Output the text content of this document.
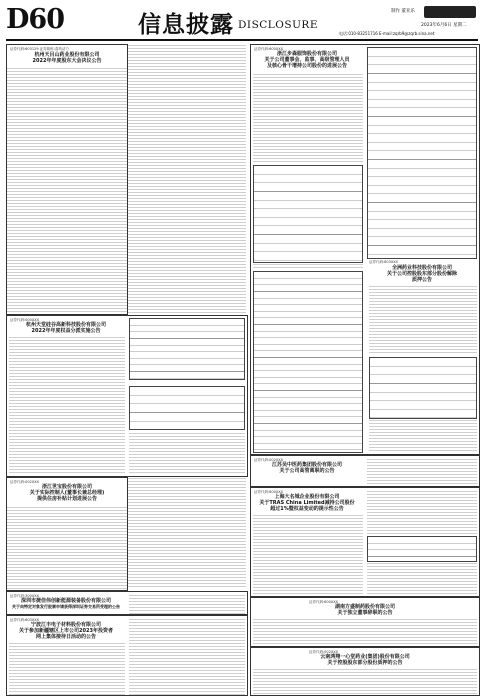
D60	信息披露 DISCLOSURE
制作 董亚乐
2023年6月6日 星期二
电话:010-83251716 E-mail:zqrb9@zqrb.sina.net
证券代码:603129 证券简称:春风动力
杭州天目山药业股份有限公司
2022年年度股东大会决议公告
证券代码:600XXX
浙江步森服饰股份有限公司
关于公司董事会、监事、高级管理人员
及核心骨干增持公司股份的进展公告
证券代码:603XXX
全洲药业科技股份有限公司
关于公司控股股东部分股份解除
质押公告
证券代码:000XXX
杭州天堂硅谷高新科技股份有限公司
2022年年度权益分派实施公告
证券代码:002XXX
浙江世宝股份有限公司
关于实际控制人(董事长兼总经理)
提供住房补贴计划进展公告
证券代码:002XXX
江苏吴中医药集团股份有限公司
关于公司高管离职的公告
证券代码:600XXX
上海大名城企业股份有限公司
关于TRAS China Limited减持公司股份
超过1%暨权益变动的提示性公告
证券代码:300XXX
深圳市捷佳伟创新能源装备股份有限公司
关于向特定对象发行股票申请获得深圳证券交易所受理的公告
证券代码:603XXX
宁波江丰电子材料股份有限公司
关于参加新疆辖区上市公司2023年投资者
网上集体接待日活动的公告
证券代码:600XXX
湖南方盛制药股份有限公司
关于独立董事辞职的公告
证券代码:002XXX
云南鸿翔一心堂药业(集团)股份有限公司
关于控股股东部分股份质押的公告
